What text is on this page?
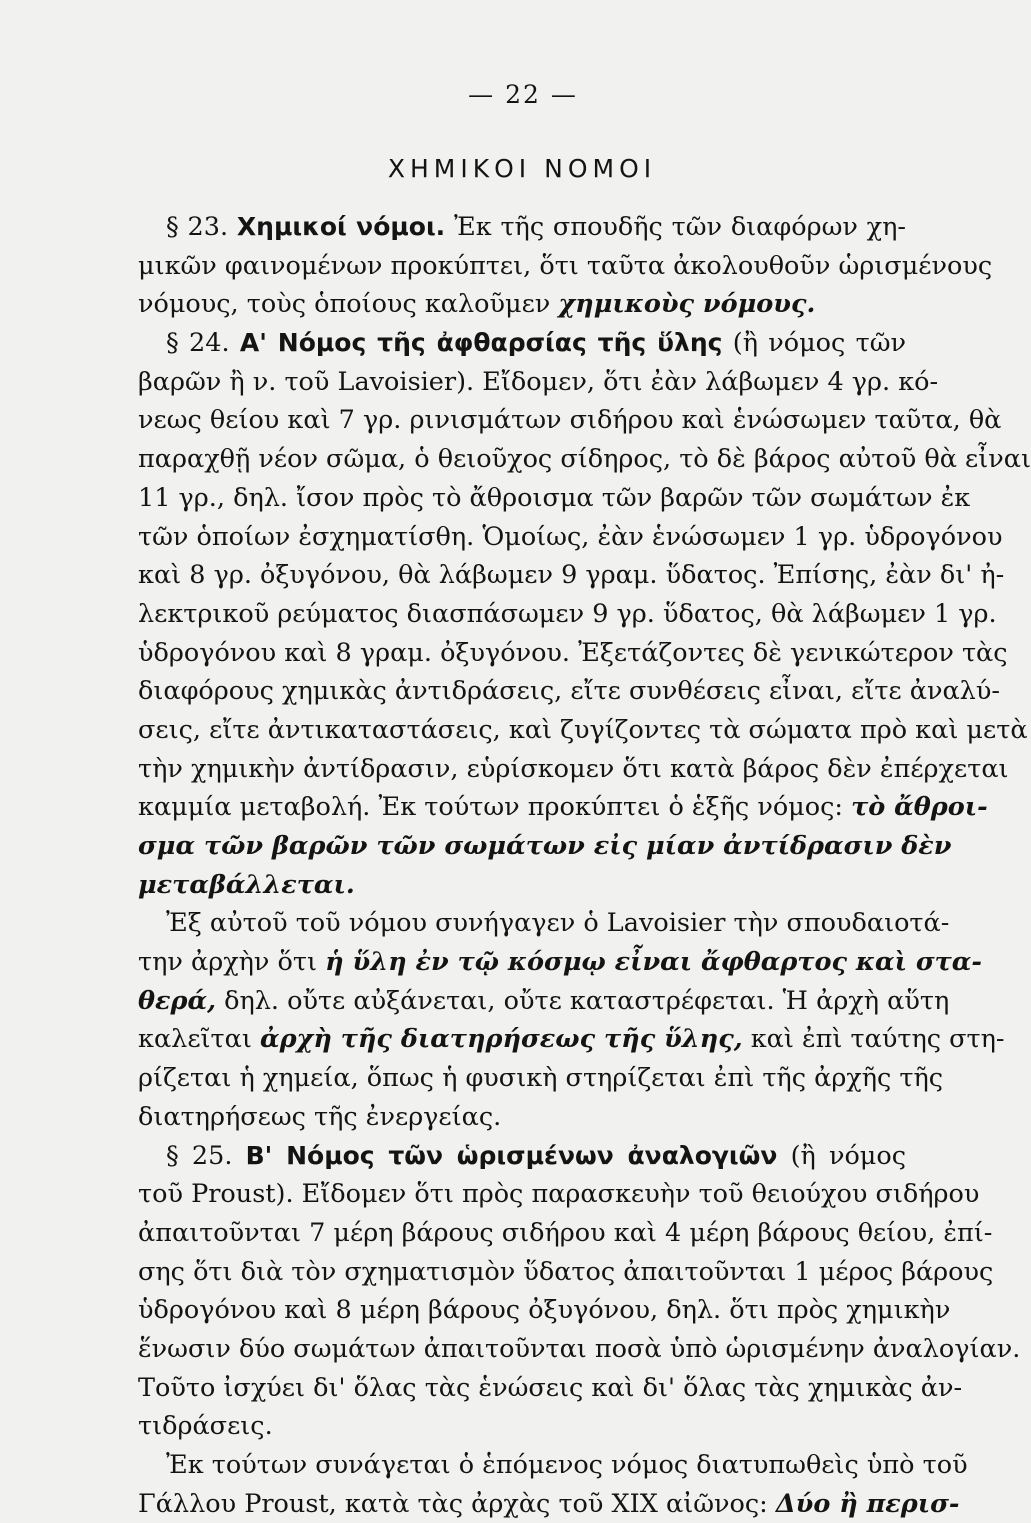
— 22 —
ΧΗΜΙΚΟΙ ΝΟΜΟΙ
§ 23. Χημικοί νόμοι. Ἐκ τῆς σπουδῆς τῶν διαφόρων χη-
μικῶν φαινομένων προκύπτει, ὅτι ταῦτα ἀκολουθοῦν ὡρισμένους
νόμους, τοὺς ὁποίους καλοῦμεν χημικοὺς νόμους.
§ 24. Α' Νόμος τῆς ἀφθαρσίας τῆς ὕλης (ἢ νόμος τῶν
βαρῶν ἢ ν. τοῦ Lavoisier). Εἴδομεν, ὅτι ἐὰν λάβωμεν 4 γρ. κό-
νεως θείου καὶ 7 γρ. ρινισμάτων σιδήρου καὶ ἑνώσωμεν ταῦτα, θὰ
παραχθῇ νέον σῶμα, ὁ θειοῦχος σίδηρος, τὸ δὲ βάρος αὐτοῦ θὰ εἶναι
11 γρ., δηλ. ἴσον πρὸς τὸ ἄθροισμα τῶν βαρῶν τῶν σωμάτων ἐκ
τῶν ὁποίων ἐσχηματίσθη. Ὁμοίως, ἐὰν ἑνώσωμεν 1 γρ. ὑδρογόνου
καὶ 8 γρ. ὀξυγόνου, θὰ λάβωμεν 9 γραμ. ὕδατος. Ἐπίσης, ἐὰν δι' ἠ-
λεκτρικοῦ ρεύματος διασπάσωμεν 9 γρ. ὕδατος, θὰ λάβωμεν 1 γρ.
ὑδρογόνου καὶ 8 γραμ. ὀξυγόνου. Ἐξετάζοντες δὲ γενικώτερον τὰς
διαφόρους χημικὰς ἀντιδράσεις, εἴτε συνθέσεις εἶναι, εἴτε ἀναλύ-
σεις, εἴτε ἀντικαταστάσεις, καὶ ζυγίζοντες τὰ σώματα πρὸ καὶ μετὰ
τὴν χημικὴν ἀντίδρασιν, εὑρίσκομεν ὅτι κατὰ βάρος δὲν ἐπέρχεται
καμμία μεταβολή. Ἐκ τούτων προκύπτει ὁ ἑξῆς νόμος: τὸ ἄθροι-
σμα τῶν βαρῶν τῶν σωμάτων εἰς μίαν ἀντίδρασιν δὲν
μεταβάλλεται.
Ἐξ αὐτοῦ τοῦ νόμου συνήγαγεν ὁ Lavoisier τὴν σπουδαιοτά-
την ἀρχὴν ὅτι ἡ ὕλη ἐν τῷ κόσμῳ εἶναι ἄφθαρτος καὶ στα-
θερά, δηλ. οὔτε αὐξάνεται, οὔτε καταστρέφεται. Ἡ ἀρχὴ αὕτη
καλεῖται ἀρχὴ τῆς διατηρήσεως τῆς ὕλης, καὶ ἐπὶ ταύτης στη-
ρίζεται ἡ χημεία, ὅπως ἡ φυσικὴ στηρίζεται ἐπὶ τῆς ἀρχῆς τῆς
διατηρήσεως τῆς ἐνεργείας.
§ 25. Β' Νόμος τῶν ὡρισμένων ἀναλογιῶν (ἢ νόμος
τοῦ Proust). Εἴδομεν ὅτι πρὸς παρασκευὴν τοῦ θειούχου σιδήρου
ἀπαιτοῦνται 7 μέρη βάρους σιδήρου καὶ 4 μέρη βάρους θείου, ἐπί-
σης ὅτι διὰ τὸν σχηματισμὸν ὕδατος ἀπαιτοῦνται 1 μέρος βάρους
ὑδρογόνου καὶ 8 μέρη βάρους ὀξυγόνου, δηλ. ὅτι πρὸς χημικὴν
ἕνωσιν δύο σωμάτων ἀπαιτοῦνται ποσὰ ὑπὸ ὡρισμένην ἀναλογίαν.
Τοῦτο ἰσχύει δι' ὅλας τὰς ἑνώσεις καὶ δι' ὅλας τὰς χημικὰς ἀν-
τιδράσεις.
Ἐκ τούτων συνάγεται ὁ ἑπόμενος νόμος διατυπωθεὶς ὑπὸ τοῦ
Γάλλου Proust, κατὰ τὰς ἀρχὰς τοῦ XIX αἰῶνος: Δύο ἢ περισ-
